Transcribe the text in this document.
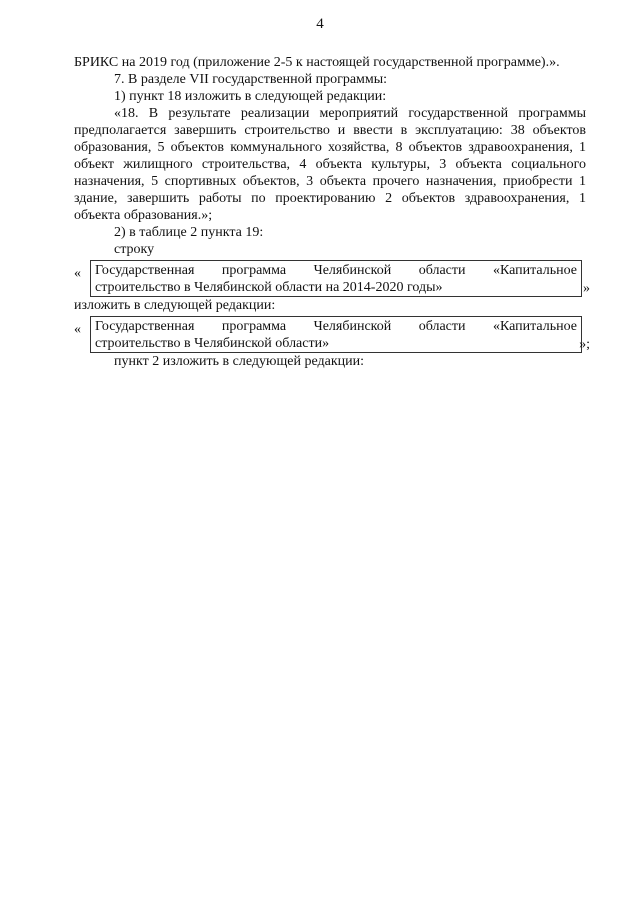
4

БРИКС на 2019 год (приложение 2-5 к настоящей государственной программе).».

7. В разделе VII государственной программы:

1) пункт 18 изложить в следующей редакции:

«18. В результате реализации мероприятий государственной программы предполагается завершить строительство и ввести в эксплуатацию: 38 объектов образования, 5 объектов коммунального хозяйства, 8 объектов здравоохранения, 1 объект жилищного строительства, 4 объекта культуры, 3 объекта социального назначения, 5 спортивных объектов, 3 объекта прочего назначения, приобрести 1 здание, завершить работы по проектированию 2 объектов здравоохранения, 1 объекта образования.»;

2) в таблице 2 пункта 19:

строку

« Государственная программа Челябинской области «Капитальное
строительство в Челябинской области на 2014-2020 годы»	»

изложить в следующей редакции:

« Государственная программа Челябинской области «Капитальное
строительство в Челябинской области»	»;

пункт 2 изложить в следующей редакции:
